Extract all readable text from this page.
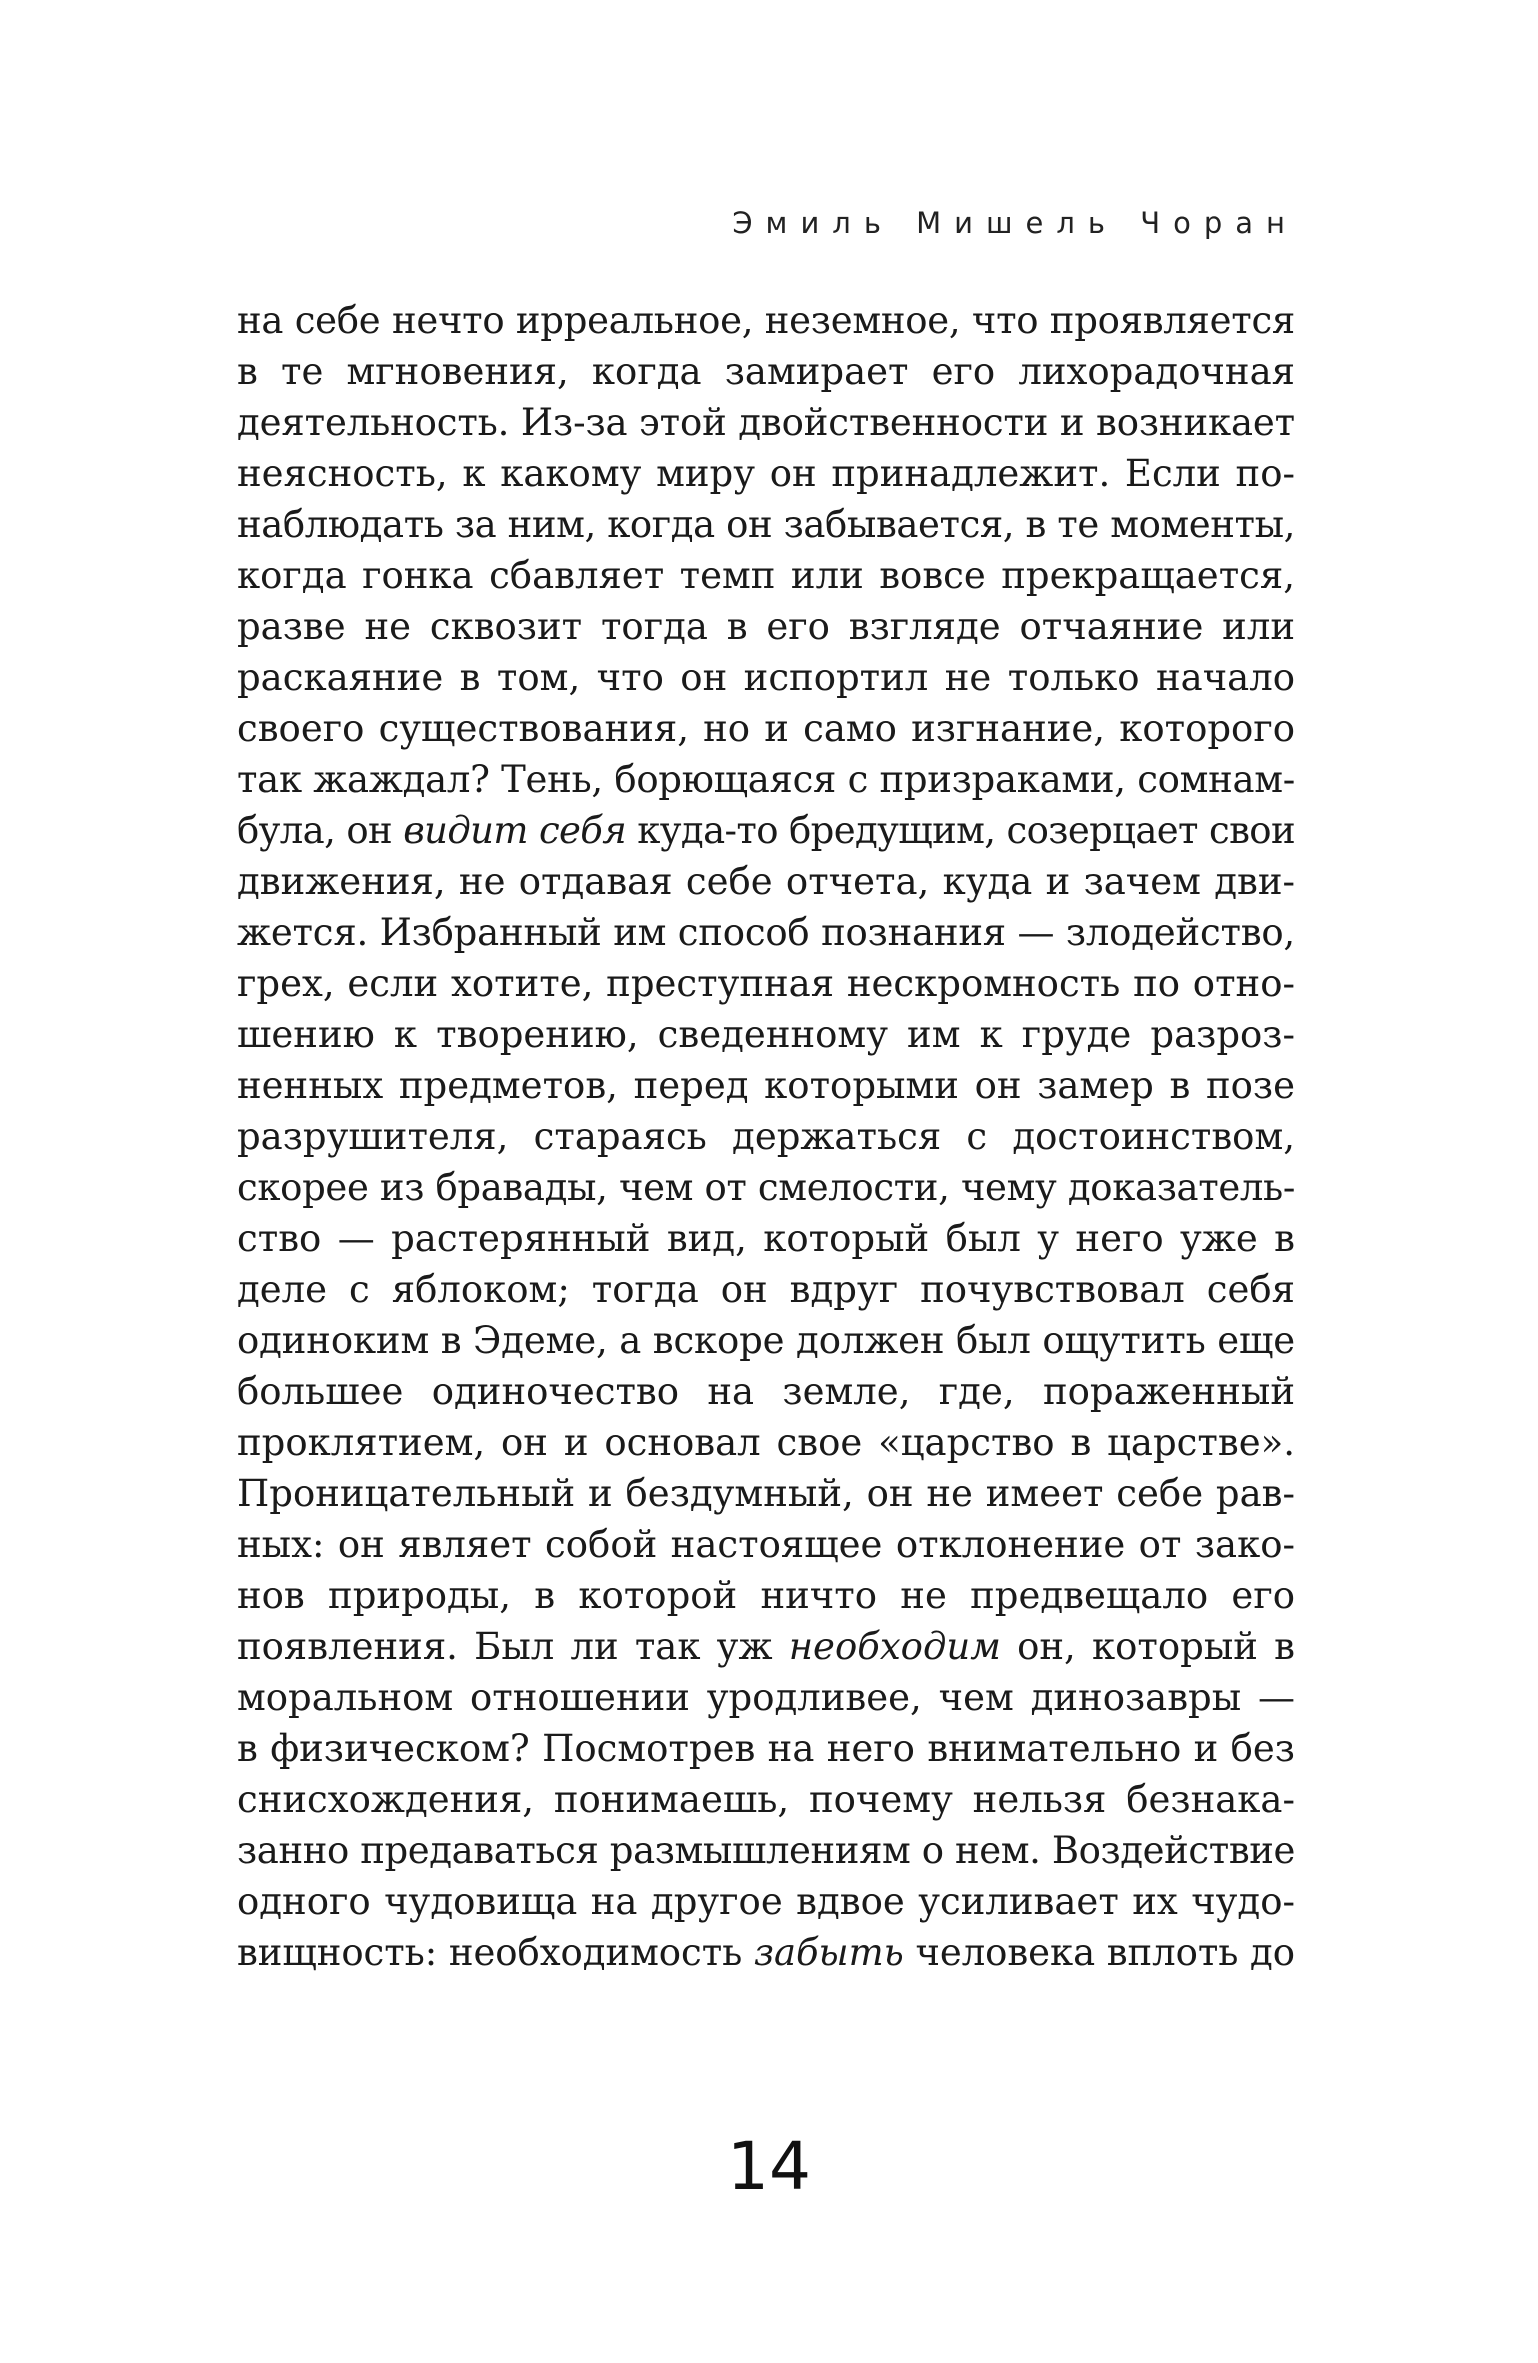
Эмиль Мишель Чоран
на себе нечто ирреальное, неземное, что проявляется
в те мгновения, когда замирает его лихорадочная
деятельность. Из-за этой двойственности и возникает
неясность, к какому миру он принадлежит. Если по-
наблюдать за ним, когда он забывается, в те моменты,
когда гонка сбавляет темп или вовсе прекращается,
разве не сквозит тогда в его взгляде отчаяние или
раскаяние в том, что он испортил не только начало
своего существования, но и само изгнание, которого
так жаждал? Тень, борющаяся с призраками, сомнам-
була, он видит себя куда-то бредущим, созерцает свои
движения, не отдавая себе отчета, куда и зачем дви-
жется. Избранный им способ познания — злодейство,
грех, если хотите, преступная нескромность по отно-
шению к творению, сведенному им к груде разроз-
ненных предметов, перед которыми он замер в позе
разрушителя, стараясь держаться с достоинством,
скорее из бравады, чем от смелости, чему доказатель-
ство — растерянный вид, который был у него уже в
деле с яблоком; тогда он вдруг почувствовал себя
одиноким в Эдеме, а вскоре должен был ощутить еще
большее одиночество на земле, где, пораженный
проклятием, он и основал свое «царство в царстве».
Проницательный и бездумный, он не имеет себе рав-
ных: он являет собой настоящее отклонение от зако-
нов природы, в которой ничто не предвещало его
появления. Был ли так уж необходим он, который в
моральном отношении уродливее, чем динозавры —
в физическом? Посмотрев на него внимательно и без
снисхождения, понимаешь, почему нельзя безнака-
занно предаваться размышлениям о нем. Воздействие
одного чудовища на другое вдвое усиливает их чудо-
вищность: необходимость забыть человека вплоть до
14
